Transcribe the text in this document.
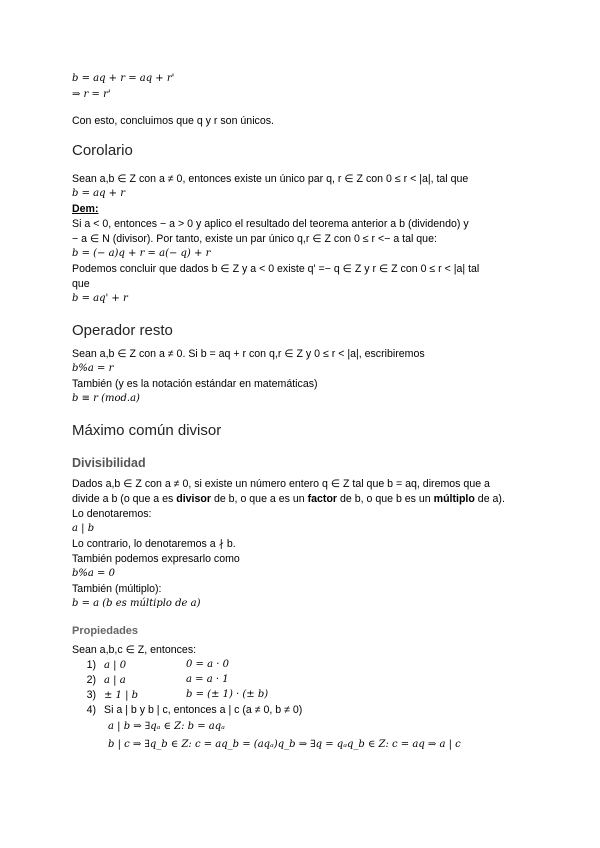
b = aq + r = aq + r'
⇒ r = r'
Con esto, concluimos que q y r son únicos.
Corolario
Sean a,b ∈ Z con a ≠ 0, entonces existe un único par q, r ∈ Z con 0 ≤ r < |a|, tal que
b = aq + r
Dem:
Si a < 0, entonces − a > 0 y aplico el resultado del teorema anterior a b (dividendo) y
− a ∈ N (divisor). Por tanto, existe un par único q,r ∈ Z con 0 ≤ r <− a tal que:
b = (− a)q + r = a(− q) + r
Podemos concluir que dados b ∈ Z y a < 0 existe q' =− q ∈ Z y r ∈ Z con 0 ≤ r < |a| tal
que
b = aq' + r
Operador resto
Sean a,b ∈ Z con a ≠ 0. Si b = aq + r con q,r ∈ Z y 0 ≤ r < |a|, escribiremos
b%a = r
También (y es la notación estándar en matemáticas)
b ≡ r (mod.a)
Máximo común divisor
Divisibilidad
Dados a,b ∈ Z con a ≠ 0, si existe un número entero q ∈ Z tal que b = aq, diremos que a
divide a b (o que a es divisor de b, o que a es un factor de b, o que b es un múltiplo de a).
Lo denotaremos:
a | b
Lo contrario, lo denotaremos a ∤ b.
También podemos expresarlo como
b%a = 0
También (múltiplo):
b = a (b es múltiplo de a)
Propiedades
Sean a,b,c ∈ Z, entonces:
1) a | 0	0 = a · 0
2) a | a	a = a · 1
3) ± 1 | b	b = (± 1) · (± b)
4) Si a | b y b | c, entonces a | c (a ≠ 0, b ≠ 0)
a | b ⇒ ∃qₐ ∈ Z: b = aqₐ
b | c ⇒ ∃q_b ∈ Z: c = aq_b = (aqₐ)q_b ⇒ ∃q = qₐq_b ∈ Z: c = aq ⇒ a | c
